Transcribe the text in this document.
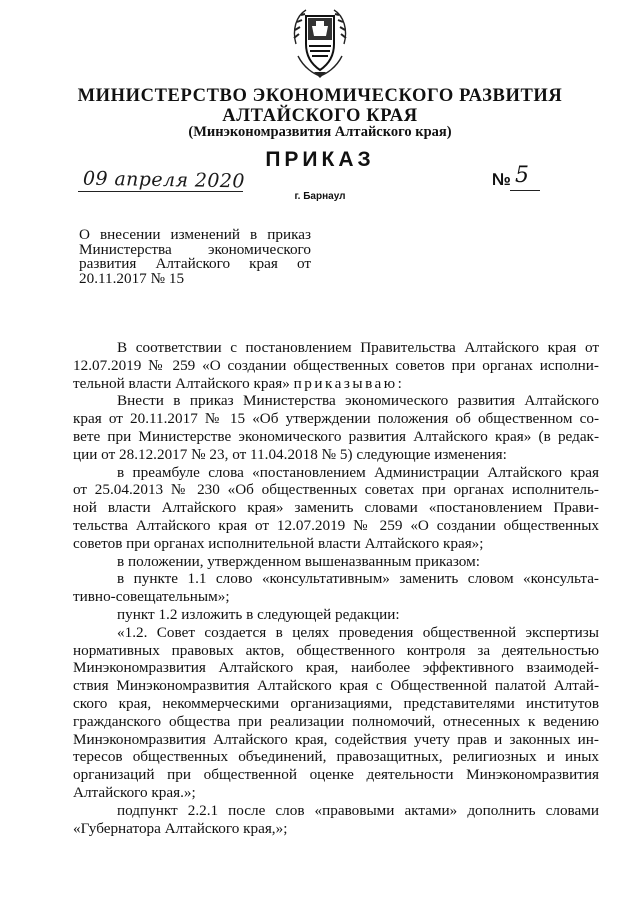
МИНИСТЕРСТВО ЭКОНОМИЧЕСКОГО РАЗВИТИЯ
АЛТАЙСКОГО КРАЯ
(Минэкономразвития Алтайского края)
ПРИКАЗ
09 апреля 2020
г. Барнаул
№ 5
О внесении изменений в приказ
Министерства экономического
развития Алтайского края от
20.11.2017 № 15
В соответствии с постановлением Правительства Алтайского края от
12.07.2019 № 259 «О создании общественных советов при органах исполни-
тельной власти Алтайского края» приказываю:
Внести в приказ Министерства экономического развития Алтайского
края от 20.11.2017 № 15 «Об утверждении положения об общественном со-
вете при Министерстве экономического развития Алтайского края» (в редак-
ции от 28.12.2017 № 23, от 11.04.2018 № 5) следующие изменения:
в преамбуле слова «постановлением Администрации Алтайского края
от 25.04.2013 № 230 «Об общественных советах при органах исполнитель-
ной власти Алтайского края» заменить словами «постановлением Прави-
тельства Алтайского края от 12.07.2019 № 259 «О создании общественных
советов при органах исполнительной власти Алтайского края»;
в положении, утвержденном вышеназванным приказом:
в пункте 1.1 слово «консультативным» заменить словом «консульта-
тивно-совещательным»;
пункт 1.2 изложить в следующей редакции:
«1.2. Совет создается в целях проведения общественной экспертизы
нормативных правовых актов, общественного контроля за деятельностью
Минэкономразвития Алтайского края, наиболее эффективного взаимодей-
ствия Минэкономразвития Алтайского края с Общественной палатой Алтай-
ского края, некоммерческими организациями, представителями институтов
гражданского общества при реализации полномочий, отнесенных к ведению
Минэкономразвития Алтайского края, содействия учету прав и законных ин-
тересов общественных объединений, правозащитных, религиозных и иных
организаций при общественной оценке деятельности Минэкономразвития
Алтайского края.»;
подпункт 2.2.1 после слов «правовыми актами» дополнить словами
«Губернатора Алтайского края,»;
